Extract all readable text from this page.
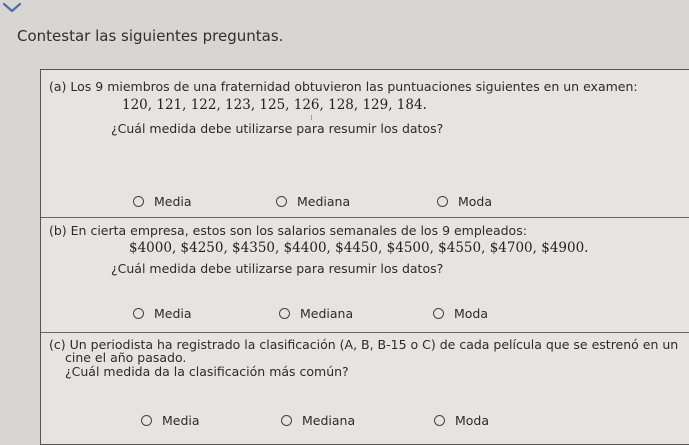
Contestar las siguientes preguntas.

(a) Los 9 miembros de una fraternidad obtuvieron las puntuaciones siguientes en un examen:
120, 121, 122, 123, 125, 126, 128, 129, 184.
¿Cuál medida debe utilizarse para resumir los datos?
Media	Mediana	Moda
(b) En cierta empresa, estos son los salarios semanales de los 9 empleados:
$4000, $4250, $4350, $4400, $4450, $4500, $4550, $4700, $4900.
¿Cuál medida debe utilizarse para resumir los datos?
Media	Mediana	Moda
(c) Un periodista ha registrado la clasificación (A, B, B-15 o C) de cada película que se estrenó en un
cine el año pasado.
¿Cuál medida da la clasificación más común?
Media	Mediana	Moda
